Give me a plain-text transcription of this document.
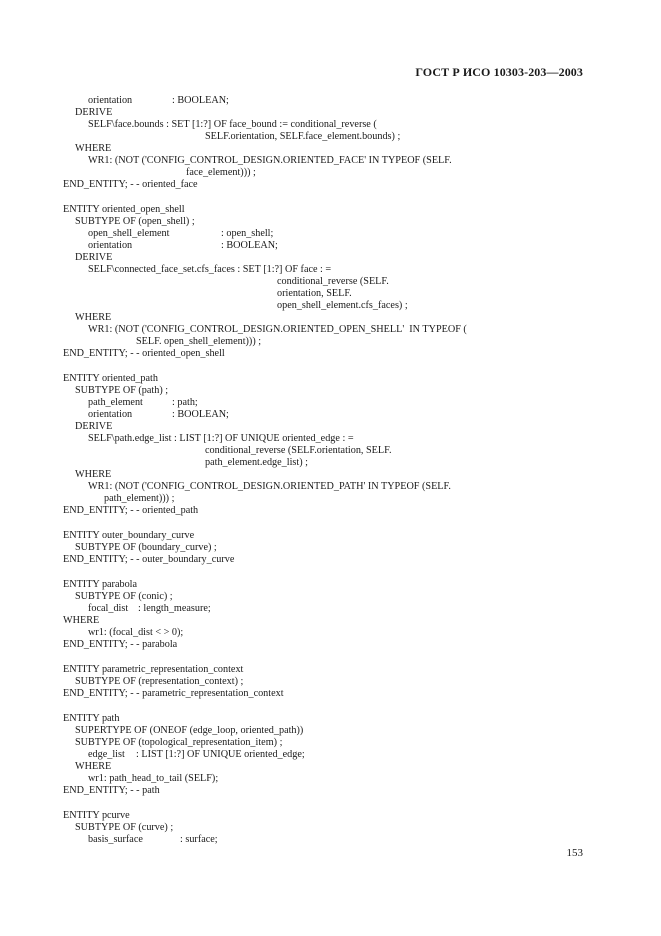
ГОСТ Р ИСО 10303-203—2003
orientation	: BOOLEAN;
DERIVE
SELF\face.bounds : SET [1:?] OF face_bound := conditional_reverse (
SELF.orientation, SELF.face_element.bounds) ;
WHERE
WR1: (NOT ('CONFIG_CONTROL_DESIGN.ORIENTED_FACE' IN TYPEOF (SELF.
face_element))) ;
END_ENTITY; - - oriented_face
ENTITY oriented_open_shell
SUBTYPE OF (open_shell) ;
open_shell_element	: open_shell;
orientation	: BOOLEAN;
DERIVE
SELF\connected_face_set.cfs_faces : SET [1:?] OF face : =
conditional_reverse (SELF.
orientation, SELF.
open_shell_element.cfs_faces) ;
WHERE
WR1: (NOT ('CONFIG_CONTROL_DESIGN.ORIENTED_OPEN_SHELL'  IN TYPEOF (
SELF. open_shell_element))) ;
END_ENTITY; - - oriented_open_shell
ENTITY oriented_path
SUBTYPE OF (path) ;
path_element	: path;
orientation	: BOOLEAN;
DERIVE
SELF\path.edge_list : LIST [1:?] OF UNIQUE oriented_edge : =
conditional_reverse (SELF.orientation, SELF.
path_element.edge_list) ;
WHERE
WR1: (NOT ('CONFIG_CONTROL_DESIGN.ORIENTED_PATH' IN TYPEOF (SELF.
path_element))) ;
END_ENTITY; - - oriented_path
ENTITY outer_boundary_curve
SUBTYPE OF (boundary_curve) ;
END_ENTITY; - - outer_boundary_curve
ENTITY parabola
SUBTYPE OF (conic) ;
focal_dist : length_measure;
WHERE
wr1: (focal_dist < > 0);
END_ENTITY; - - parabola
ENTITY parametric_representation_context
SUBTYPE OF (representation_context) ;
END_ENTITY; - - parametric_representation_context
ENTITY path
SUPERTYPE OF (ONEOF (edge_loop, oriented_path))
SUBTYPE OF (topological_representation_item) ;
edge_list : LIST [1:?] OF UNIQUE oriented_edge;
WHERE
wr1: path_head_to_tail (SELF);
END_ENTITY; - - path
ENTITY pcurve
SUBTYPE OF (curve) ;
basis_surface	: surface;
153
